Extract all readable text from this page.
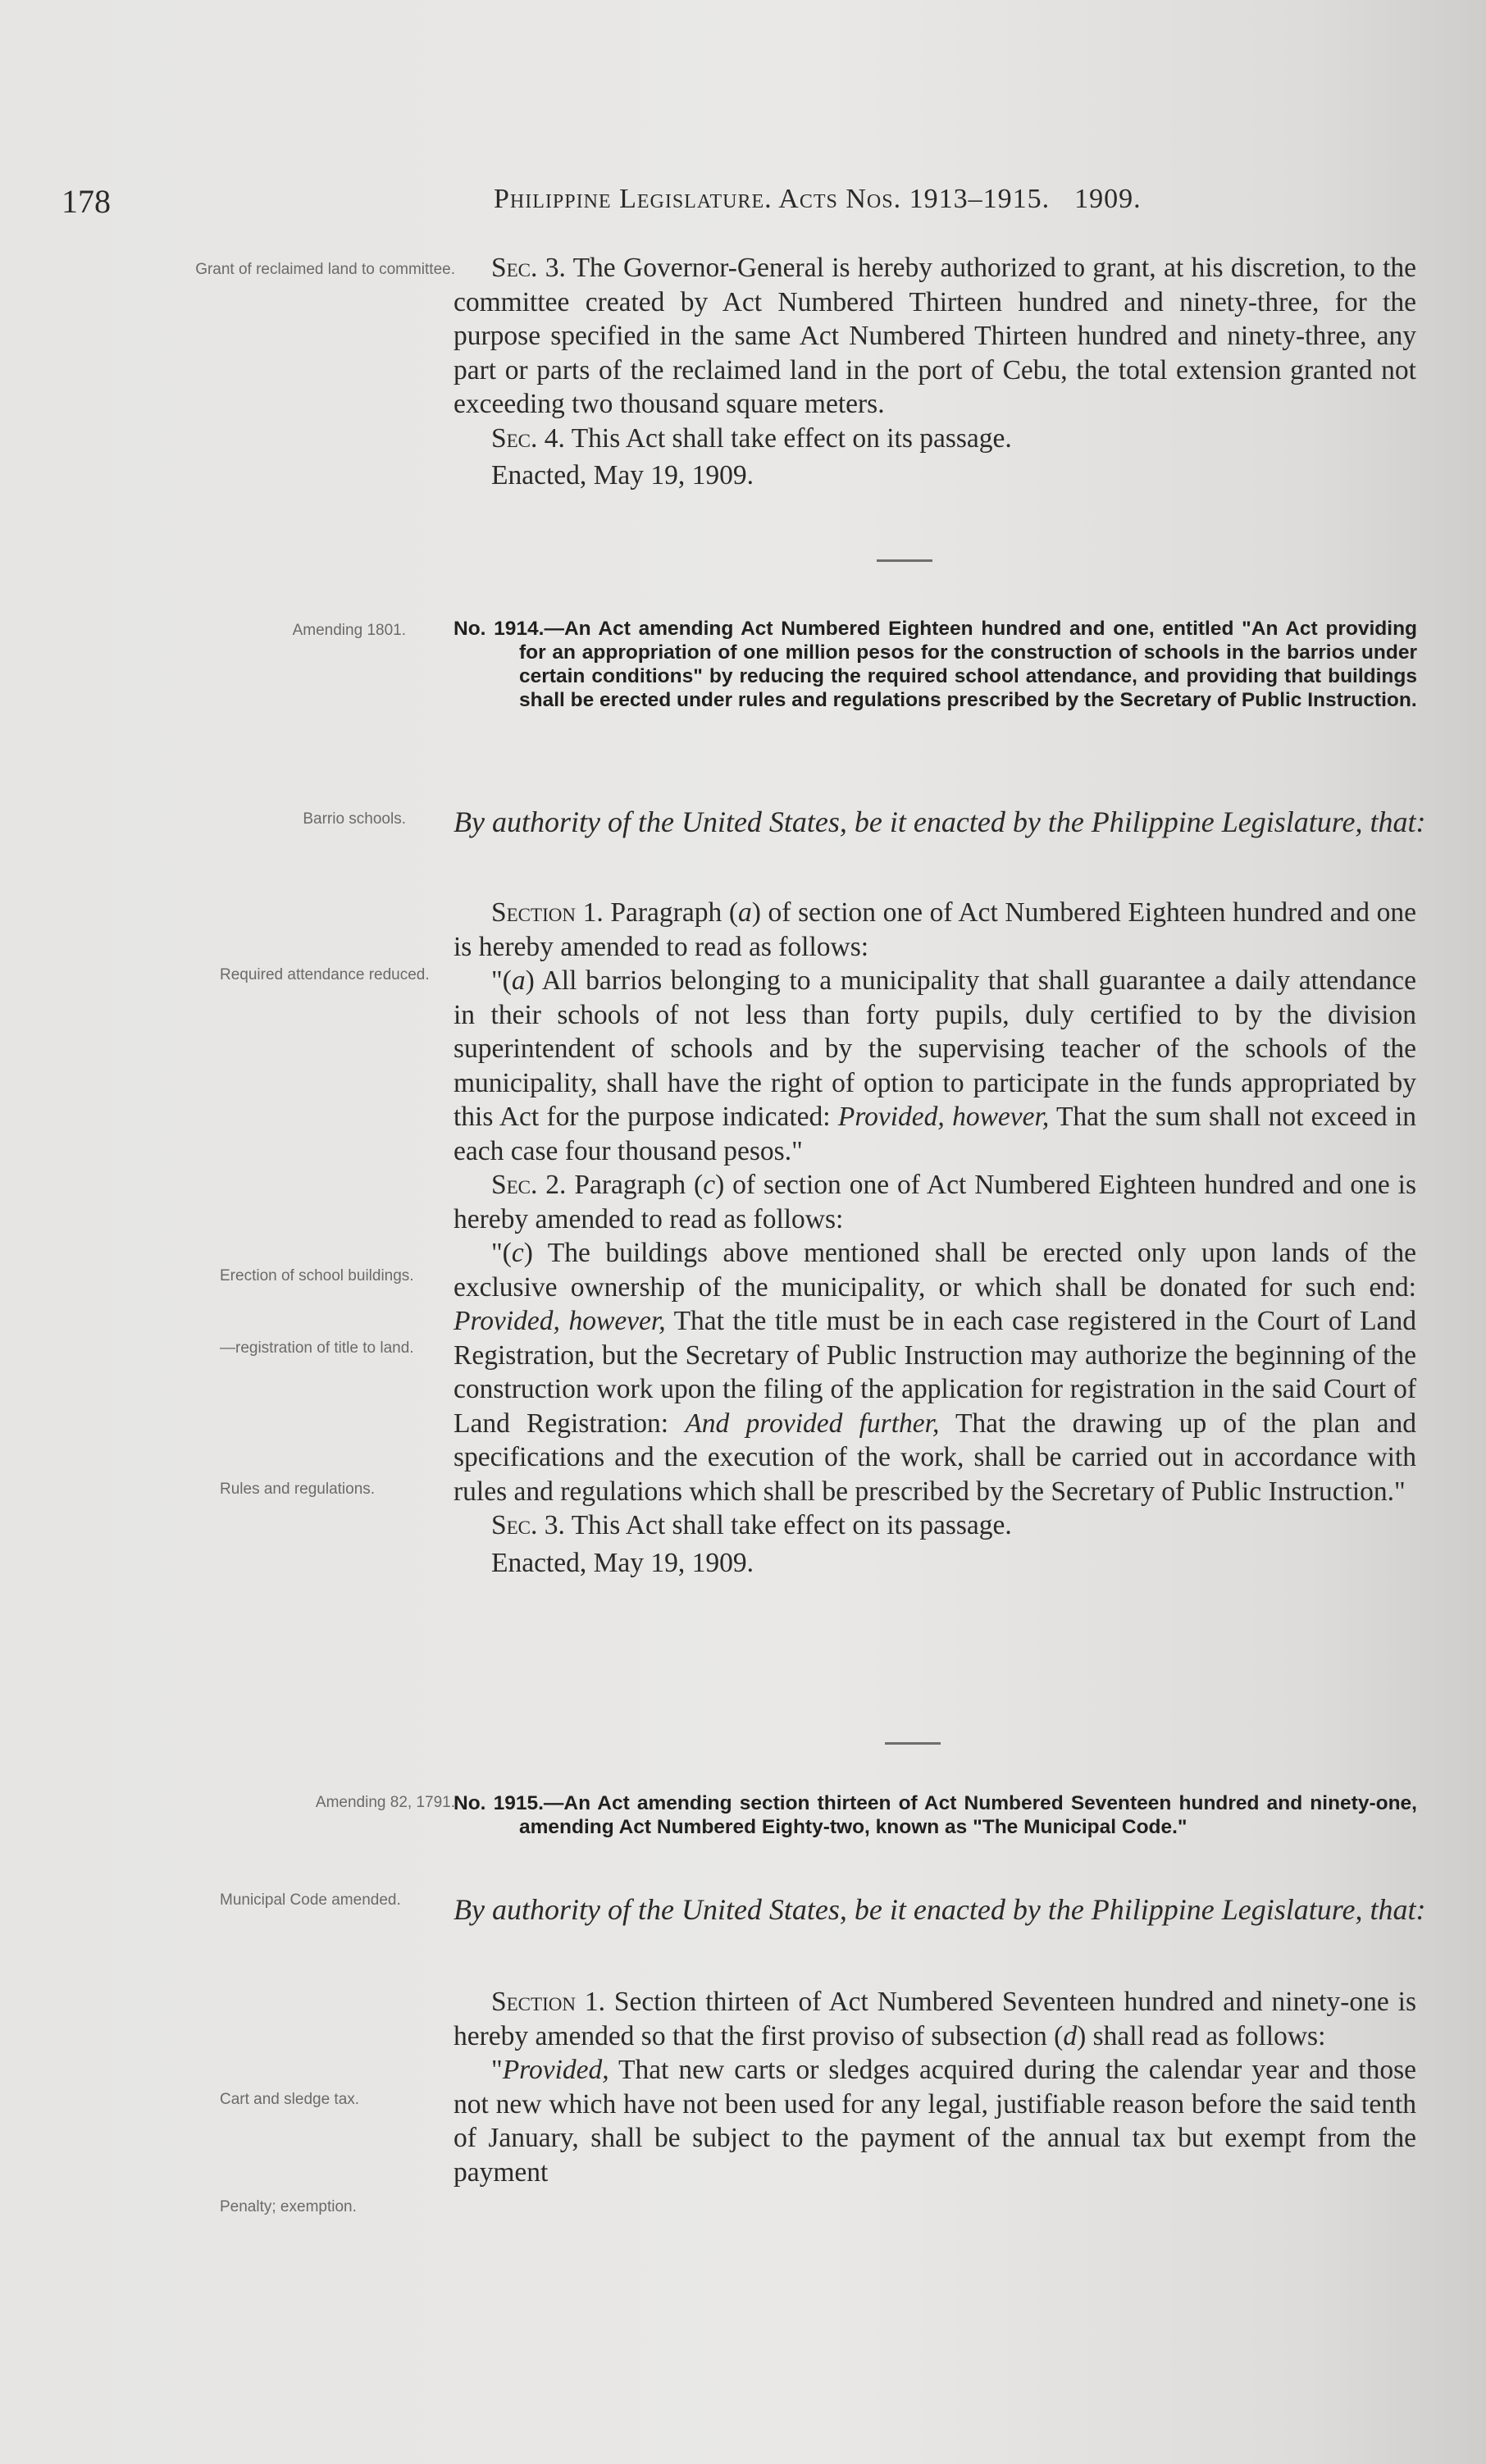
178	Philippine Legislature. Acts Nos. 1913–1915. 1909.
Grant of reclaimed land to committee.
Amending 1801.
Barrio schools.
Required attendance reduced.
Erection of school buildings.
—registration of title to land.
Rules and regulations.
Amending 82, 1791.
Municipal Code amended.
Cart and sledge tax.
Penalty; exemption.

Sec. 3. The Governor-General is hereby authorized to grant, at his discretion, to the committee created by Act Numbered Thirteen hundred and ninety-three, for the purpose specified in the same Act Numbered Thirteen hundred and ninety-three, any part or parts of the reclaimed land in the port of Cebu, the total extension granted not exceeding two thousand square meters.

Sec. 4. This Act shall take effect on its passage.

Enacted, May 19, 1909.

No. 1914.—An Act amending Act Numbered Eighteen hundred and one, entitled "An Act providing for an appropriation of one million pesos for the construction of schools in the barrios under certain conditions" by reducing the required school attendance, and providing that buildings shall be erected under rules and regulations prescribed by the Secretary of Public Instruction.
By authority of the United States, be it enacted by the Philippine Legislature, that:

Section 1. Paragraph (a) of section one of Act Numbered Eighteen hundred and one is hereby amended to read as follows:

"(a) All barrios belonging to a municipality that shall guarantee a daily attendance in their schools of not less than forty pupils, duly certified to by the division superintendent of schools and by the supervising teacher of the schools of the municipality, shall have the right of option to participate in the funds appropriated by this Act for the purpose indicated: Provided, however, That the sum shall not exceed in each case four thousand pesos."

Sec. 2. Paragraph (c) of section one of Act Numbered Eighteen hundred and one is hereby amended to read as follows:

"(c) The buildings above mentioned shall be erected only upon lands of the exclusive ownership of the municipality, or which shall be donated for such end: Provided, however, That the title must be in each case registered in the Court of Land Registration, but the Secretary of Public Instruction may authorize the beginning of the construction work upon the filing of the application for registration in the said Court of Land Registration: And provided further, That the drawing up of the plan and specifications and the execution of the work, shall be carried out in accordance with rules and regulations which shall be prescribed by the Secretary of Public Instruction."

Sec. 3. This Act shall take effect on its passage.

Enacted, May 19, 1909.

No. 1915.—An Act amending section thirteen of Act Numbered Seventeen hundred and ninety-one, amending Act Numbered Eighty-two, known as "The Municipal Code."
By authority of the United States, be it enacted by the Philippine Legislature, that:

Section 1. Section thirteen of Act Numbered Seventeen hundred and ninety-one is hereby amended so that the first proviso of subsection (d) shall read as follows:

"Provided, That new carts or sledges acquired during the calendar year and those not new which have not been used for any legal, justifiable reason before the said tenth of January, shall be subject to the payment of the annual tax but exempt from the payment
